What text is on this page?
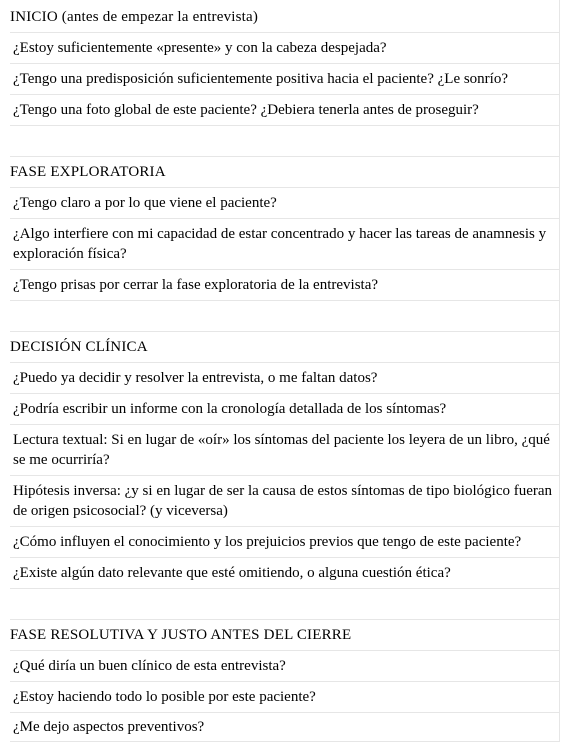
INICIO (antes de empezar la entrevista)
¿Estoy suficientemente «presente» y con la cabeza despejada?
¿Tengo una predisposición suficientemente positiva hacia el paciente? ¿Le sonrío?
¿Tengo una foto global de este paciente? ¿Debiera tenerla antes de proseguir?

FASE EXPLORATORIA
¿Tengo claro a por lo que viene el paciente?
¿Algo interfiere con mi capacidad de estar concentrado y hacer las tareas de anamnesis y exploración física?
¿Tengo prisas por cerrar la fase exploratoria de la entrevista?

DECISIÓN CLÍNICA
¿Puedo ya decidir y resolver la entrevista, o me faltan datos?
¿Podría escribir un informe con la cronología detallada de los síntomas?
Lectura textual: Si en lugar de «oír» los síntomas del paciente los leyera de un libro, ¿qué se me ocurriría?
Hipótesis inversa: ¿y si en lugar de ser la causa de estos síntomas de tipo biológico fueran de origen psicosocial? (y viceversa)
¿Cómo influyen el conocimiento y los prejuicios previos que tengo de este paciente?
¿Existe algún dato relevante que esté omitiendo, o alguna cuestión ética?

FASE RESOLUTIVA Y JUSTO ANTES DEL CIERRE
¿Qué diría un buen clínico de esta entrevista?
¿Estoy haciendo todo lo posible por este paciente?
¿Me dejo aspectos preventivos?
